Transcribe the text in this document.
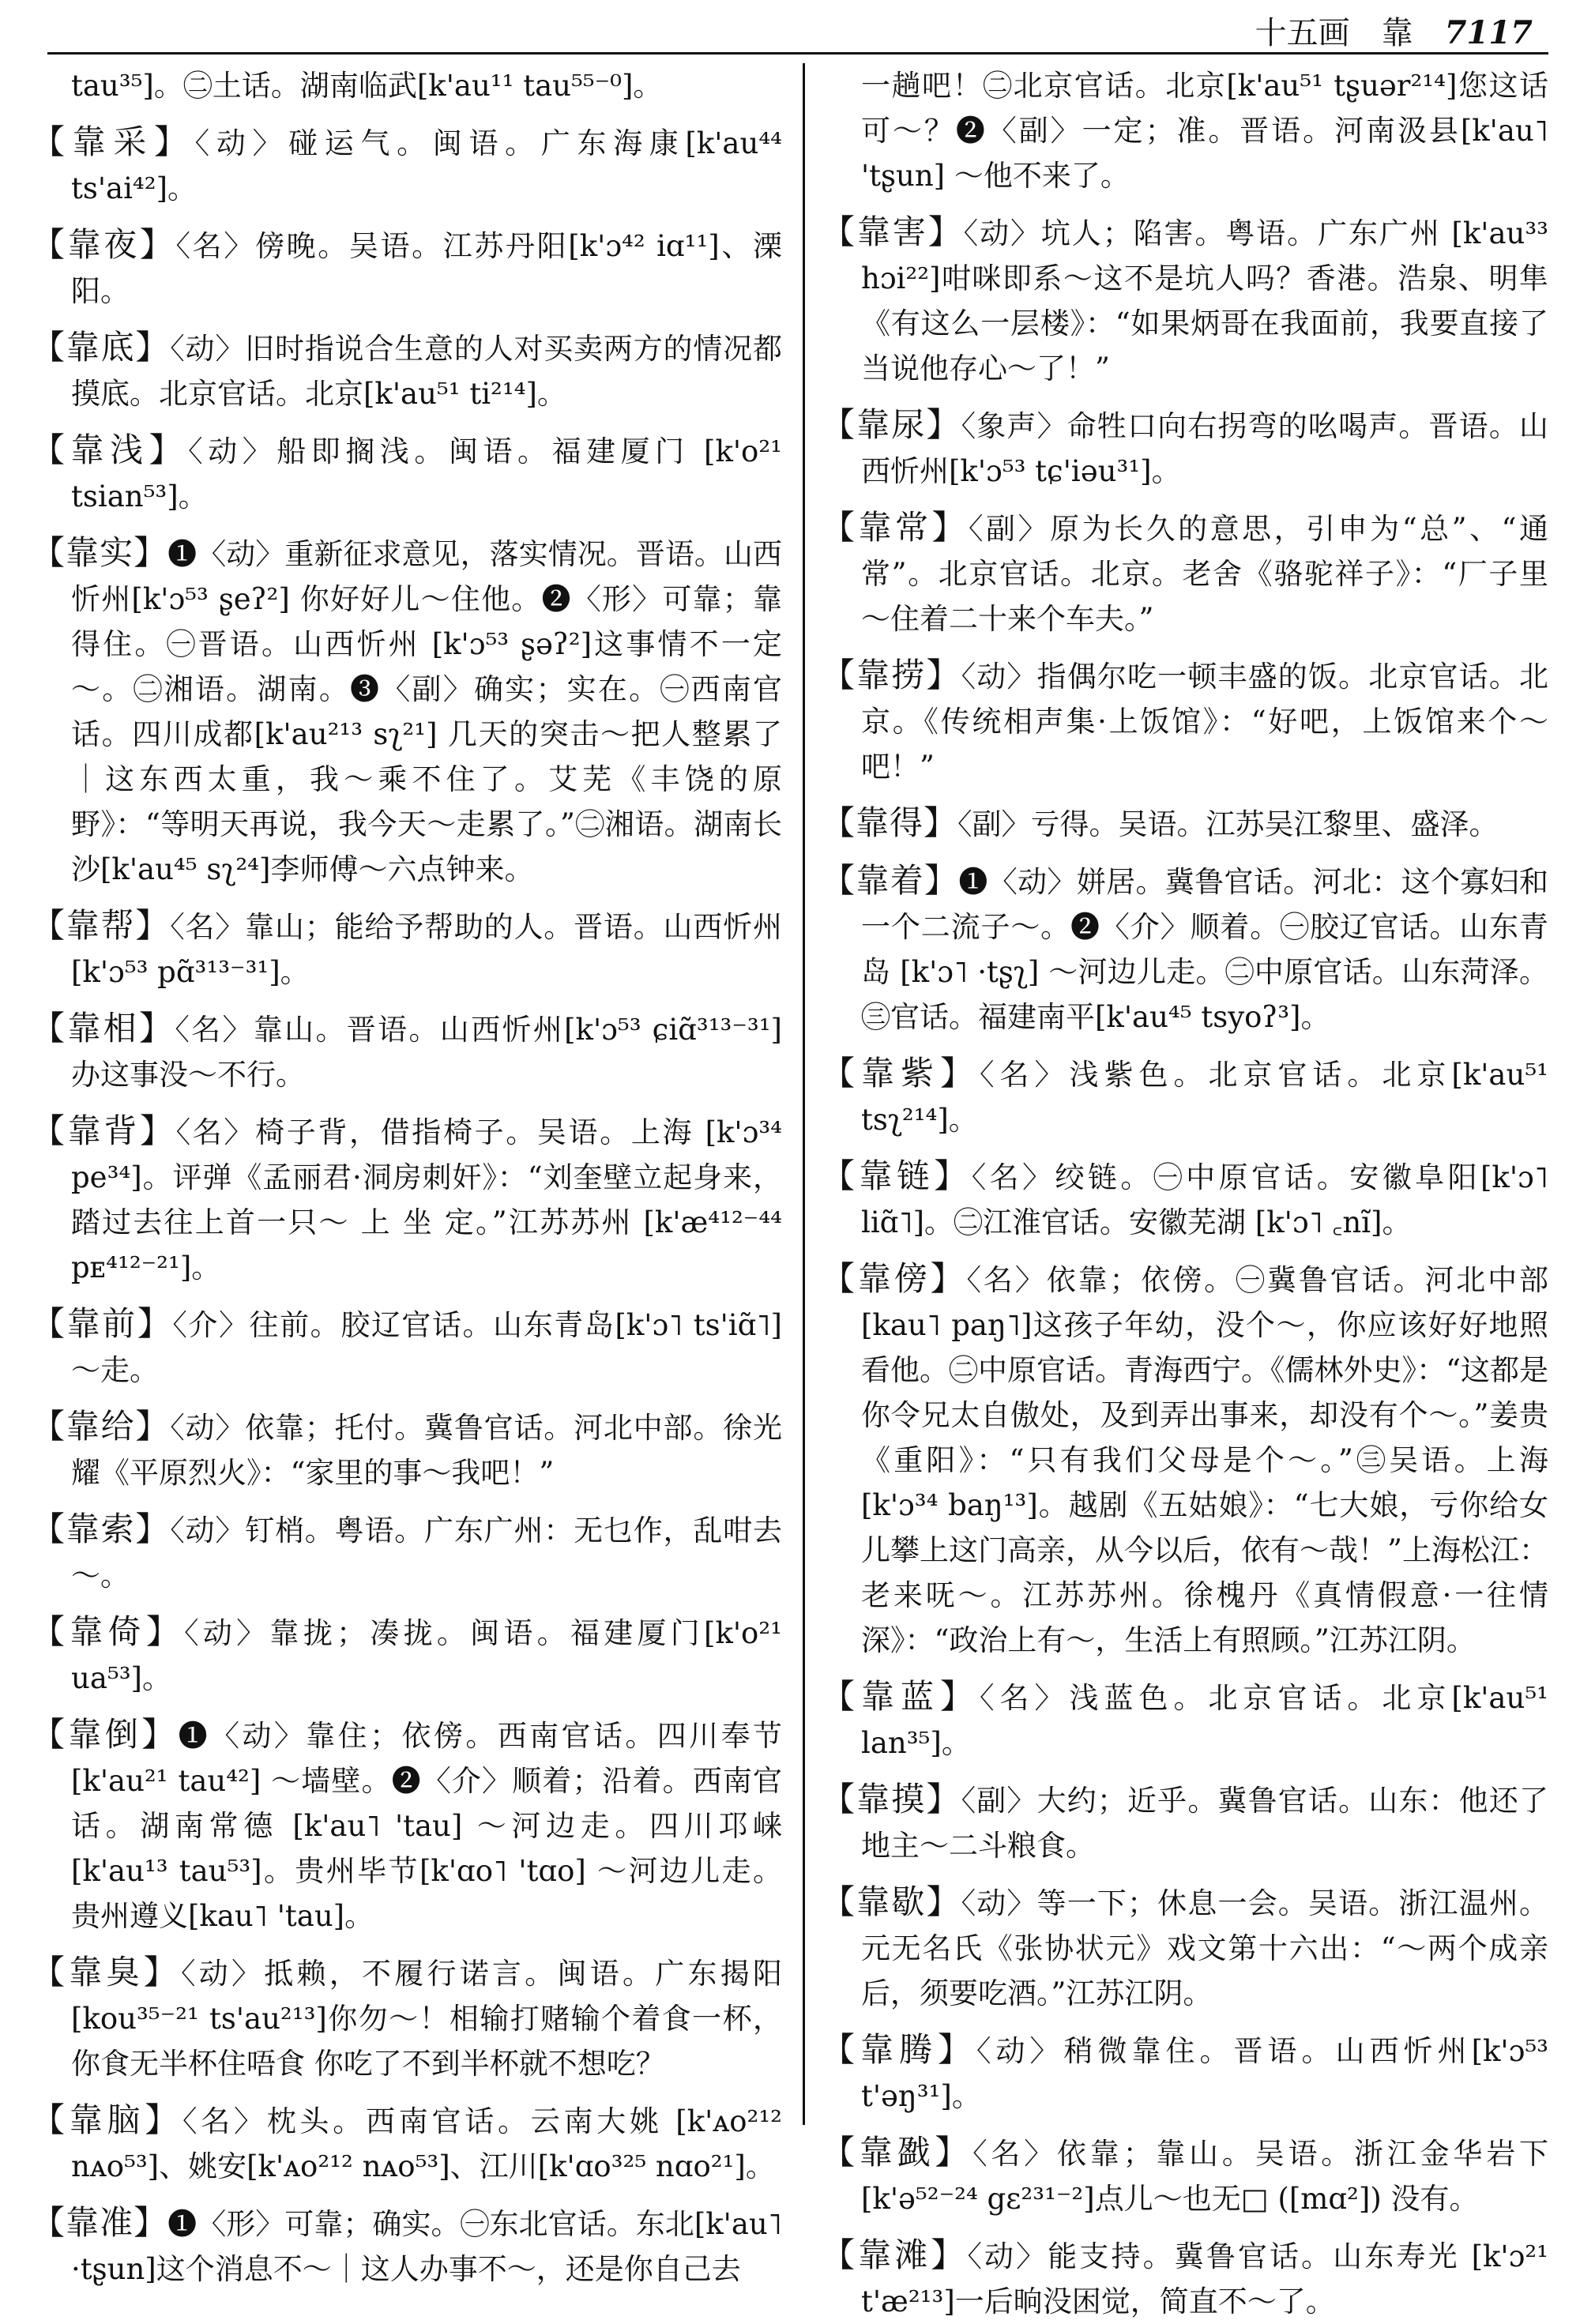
十五画 靠 7117

tau³⁵]。㊁土话。湖南临武[k'au¹¹ tau⁵⁵⁻⁰]。

【靠采】〈动〉碰运气。闽语。广东海康[k'au⁴⁴ ts'ai⁴²]。

【靠夜】〈名〉傍晚。吴语。江苏丹阳[k'ɔ⁴² iɑ¹¹]、溧阳。

【靠底】〈动〉旧时指说合生意的人对买卖两方的情况都摸底。北京官话。北京[k'au⁵¹ ti²¹⁴]。

【靠浅】〈动〉船即搁浅。闽语。福建厦门 [k'o²¹ tsian⁵³]。

【靠实】❶〈动〉重新征求意见，落实情况。晋语。山西忻州[k'ɔ⁵³ ʂeʔ²] 你好好儿～住他。❷〈形〉可靠；靠得住。㊀晋语。山西忻州 [k'ɔ⁵³ ʂəʔ²]这事情不一定～。㊁湘语。湖南。❸〈副〉确实；实在。㊀西南官话。四川成都[k'au²¹³ sʅ²¹] 几天的突击～把人整累了｜这东西太重，我～乘不住了。艾芜《丰饶的原野》：“等明天再说，我今天～走累了。”㊁湘语。湖南长沙[k'au⁴⁵ sʅ²⁴]李师傅～六点钟来。

【靠帮】〈名〉靠山；能给予帮助的人。晋语。山西忻州[k'ɔ⁵³ pɑ̃³¹³⁻³¹]。

【靠相】〈名〉靠山。晋语。山西忻州[k'ɔ⁵³ ɕiɑ̃³¹³⁻³¹] 办这事没～不行。

【靠背】〈名〉椅子背，借指椅子。吴语。上海 [k'ɔ³⁴ pe³⁴]。评弹《孟丽君·洞房刺奸》：“刘奎壁立起身来，踏过去往上首一只～ 上 坐 定。”江苏苏州 [k'æ⁴¹²⁻⁴⁴ pᴇ⁴¹²⁻²¹]。

【靠前】〈介〉往前。胶辽官话。山东青岛[k'ɔ˥ ts'iɑ̃˥] ～走。

【靠给】〈动〉依靠；托付。冀鲁官话。河北中部。徐光耀《平原烈火》：“家里的事～我吧！”

【靠索】〈动〉钉梢。粤语。广东广州：无乜作，乱咁去～。

【靠倚】〈动〉靠拢；凑拢。闽语。福建厦门[k'o²¹ ua⁵³]。

【靠倒】❶〈动〉靠住；依傍。西南官话。四川奉节 [k'au²¹ tau⁴²] ～墙壁。❷〈介〉顺着；沿着。西南官话。湖南常德 [k'au˥ 'tau] ～河边走。四川邛崃 [k'au¹³ tau⁵³]。贵州毕节[k'ɑo˥ 'tɑo] ～河边儿走。贵州遵义[kau˥ 'tau]。

【靠臭】〈动〉抵赖，不履行诺言。闽语。广东揭阳 [kou³⁵⁻²¹ ts'au²¹³]你勿～！相输打赌输个着食一杯，你食无半杯住唔食 你吃了不到半杯就不想吃？

【靠脑】〈名〉枕头。西南官话。云南大姚 [k'ᴀo²¹² nᴀo⁵³]、姚安[k'ᴀo²¹² nᴀo⁵³]、江川[k'ɑo³²⁵ nɑo²¹]。

【靠准】❶〈形〉可靠；确实。㊀东北官话。东北[k'au˥ ·tʂun]这个消息不～｜这人办事不～，还是你自己去

一趟吧！㊁北京官话。北京[k'au⁵¹ tʂuər²¹⁴]您这话可～？❷〈副〉一定；准。晋语。河南汲县[k'au˥ 'tʂun] ～他不来了。

【靠害】〈动〉坑人；陷害。粤语。广东广州 [k'au³³ hɔi²²]咁咪即系～这不是坑人吗？香港。浩泉、明隼《有这么一层楼》：“如果炳哥在我面前，我要直接了当说他存心～了！”

【靠尿】〈象声〉命牲口向右拐弯的吆喝声。晋语。山西忻州[k'ɔ⁵³ tɕ'iəu³¹]。

【靠常】〈副〉原为长久的意思，引申为“总”、“通常”。北京官话。北京。老舍《骆驼祥子》：“厂子里～住着二十来个车夫。”

【靠捞】〈动〉指偶尔吃一顿丰盛的饭。北京官话。北京。《传统相声集·上饭馆》：“好吧，上饭馆来个～吧！”

【靠得】〈副〉亏得。吴语。江苏吴江黎里、盛泽。

【靠着】❶〈动〉姘居。冀鲁官话。河北：这个寡妇和一个二流子～。❷〈介〉顺着。㊀胶辽官话。山东青岛 [k'ɔ˥ ·tʂʅ] ～河边儿走。㊁中原官话。山东菏泽。㊂官话。福建南平[k'au⁴⁵ tsyoʔ³]。

【靠紫】〈名〉浅紫色。北京官话。北京[k'au⁵¹ tsʅ²¹⁴]。

【靠链】〈名〉绞链。㊀中原官话。安徽阜阳[k'ɔ˥ liɑ̃˥]。㊁江淮官话。安徽芜湖 [k'ɔ˥ ꜀nĩ]。

【靠傍】〈名〉依靠；依傍。㊀冀鲁官话。河北中部 [kau˥ paŋ˥]这孩子年幼，没个～，你应该好好地照看他。㊁中原官话。青海西宁。《儒林外史》：“这都是你令兄太自傲处，及到弄出事来，却没有个～。”姜贵《重阳》：“只有我们父母是个～。”㊂吴语。上海 [k'ɔ³⁴ baŋ¹³]。越剧《五姑娘》：“七大娘，亏你给女儿攀上这门高亲，从今以后，依有～哉！”上海松江：老来呒～。江苏苏州。徐槐丹《真情假意·一往情深》：“政治上有～，生活上有照顾。”江苏江阴。

【靠蓝】〈名〉浅蓝色。北京官话。北京[k'au⁵¹ lan³⁵]。

【靠摸】〈副〉大约；近乎。冀鲁官话。山东：他还了地主～二斗粮食。

【靠歇】〈动〉等一下；休息一会。吴语。浙江温州。元无名氏《张协状元》戏文第十六出：“～两个成亲后，须要吃酒。”江苏江阴。

【靠腾】〈动〉稍微靠住。晋语。山西忻州[k'ɔ⁵³ t'əŋ³¹]。

【靠戤】〈名〉依靠；靠山。吴语。浙江金华岩下[k'ə⁵²⁻²⁴ gɛ²³¹⁻²]点儿～也无□ ([mɑ²]) 没有。

【靠滩】〈动〉能支持。冀鲁官话。山东寿光 [k'ɔ²¹ t'æ²¹³]一后晌没困觉，简直不～了。
